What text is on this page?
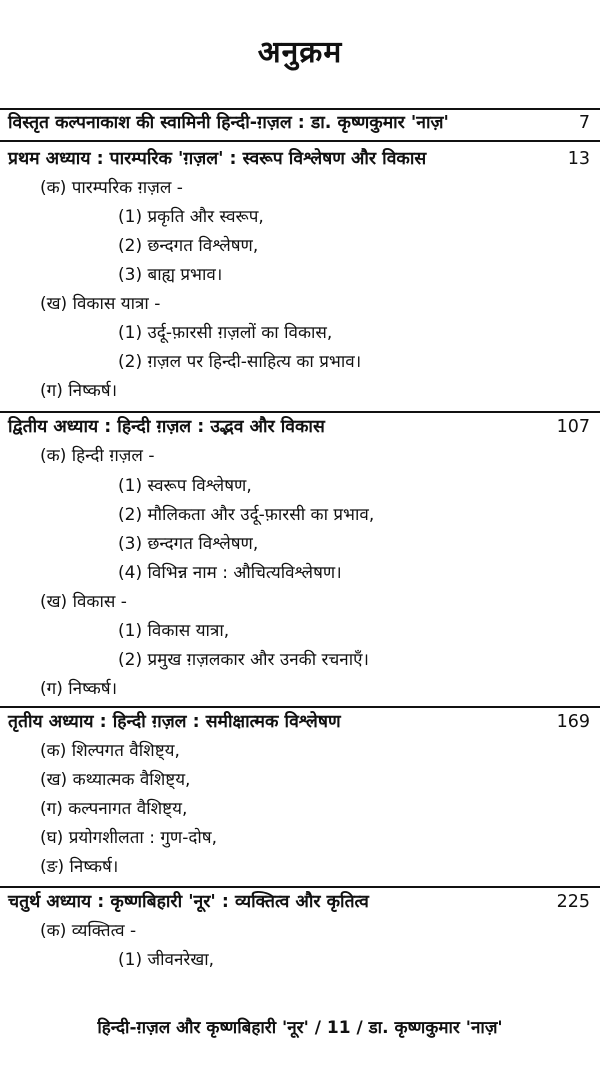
अनुक्रम
विस्तृत कल्पनाकाश की स्वामिनी हिन्दी-ग़ज़ल : डा. कृष्णकुमार 'नाज़'	7
प्रथम अध्याय : पारम्परिक 'ग़ज़ल' : स्वरूप विश्लेषण और विकास	13
(क) पारम्परिक ग़ज़ल -
(1) प्रकृति और स्वरूप,
(2) छन्दगत विश्लेषण,
(3) बाह्य प्रभाव।
(ख) विकास यात्रा -
(1) उर्दू-फ़ारसी ग़ज़लों का विकास,
(2) ग़ज़ल पर हिन्दी-साहित्य का प्रभाव।
(ग) निष्कर्ष।
द्वितीय अध्याय : हिन्दी ग़ज़ल : उद्भव और विकास	107
(क) हिन्दी ग़ज़ल -
(1) स्वरूप विश्लेषण,
(2) मौलिकता और उर्दू-फ़ारसी का प्रभाव,
(3) छन्दगत विश्लेषण,
(4) विभिन्न नाम : औचित्यविश्लेषण।
(ख) विकास -
(1) विकास यात्रा,
(2) प्रमुख ग़ज़लकार और उनकी रचनाएँ।
(ग) निष्कर्ष।
तृतीय अध्याय : हिन्दी ग़ज़ल : समीक्षात्मक विश्लेषण	169
(क) शिल्पगत वैशिष्ट्य,
(ख) कथ्यात्मक वैशिष्ट्य,
(ग) कल्पनागत वैशिष्ट्य,
(घ) प्रयोगशीलता : गुण-दोष,
(ङ) निष्कर्ष।
चतुर्थ अध्याय : कृष्णबिहारी 'नूर' : व्यक्तित्व और कृतित्व	225
(क) व्यक्तित्व -
(1) जीवनरेखा,
हिन्दी-ग़ज़ल और कृष्णबिहारी 'नूर' / 11 / डा. कृष्णकुमार 'नाज़'
